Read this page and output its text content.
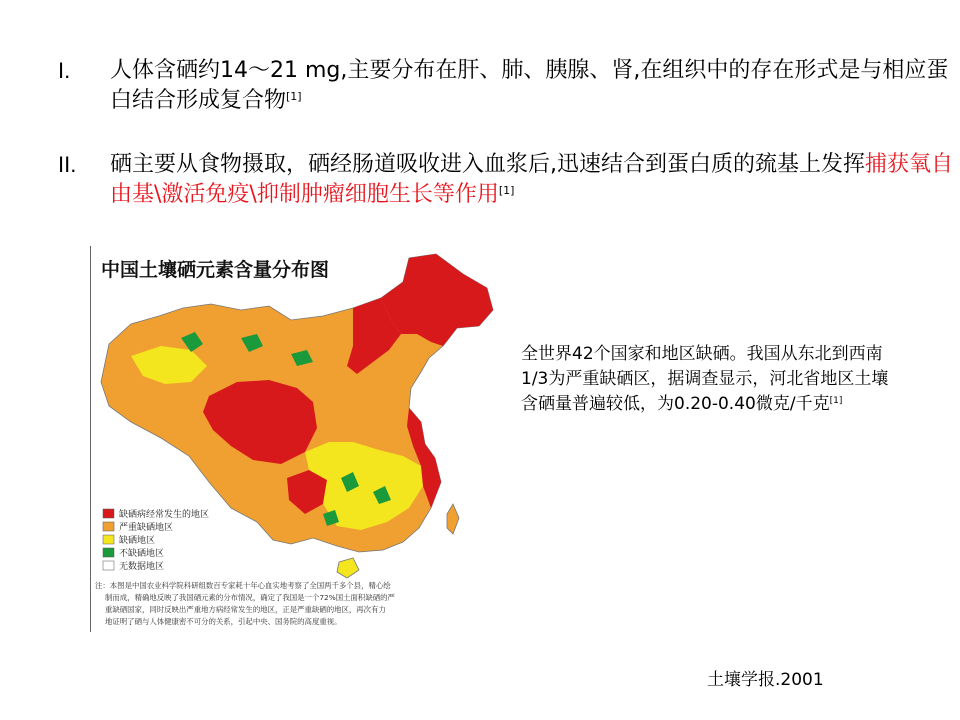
I.	人体含硒约14～21 mg,主要分布在肝、肺、胰腺、肾,在组织中的存在形式是与相应蛋白结合形成复合物[1]
II.	硒主要从食物摄取，硒经肠道吸收进入血浆后,迅速结合到蛋白质的巯基上发挥捕获氧自由基\激活免疫\抑制肿瘤细胞生长等作用[1]
中国土壤硒元素含量分布图
缺硒病经常发生的地区
严重缺硒地区
缺硒地区
不缺硒地区
无数据地区
注：本图是中国农业科学院科研组数百专家耗十年心血实地考察了全国两千多个县，精心绘
制而成，精确地反映了我国硒元素的分布情况，确定了我国是一个72%国土面积缺硒的严
重缺硒国家，同时反映出严重地方病经常发生的地区，正是严重缺硒的地区，再次有力
地证明了硒与人体健康密不可分的关系，引起中央、国务院的高度重视。
全世界42个国家和地区缺硒。我国从东北到西南1/3为严重缺硒区，据调查显示，河北省地区土壤含硒量普遍较低，为0.20-0.40微克/千克[1]
土壤学报.2001
